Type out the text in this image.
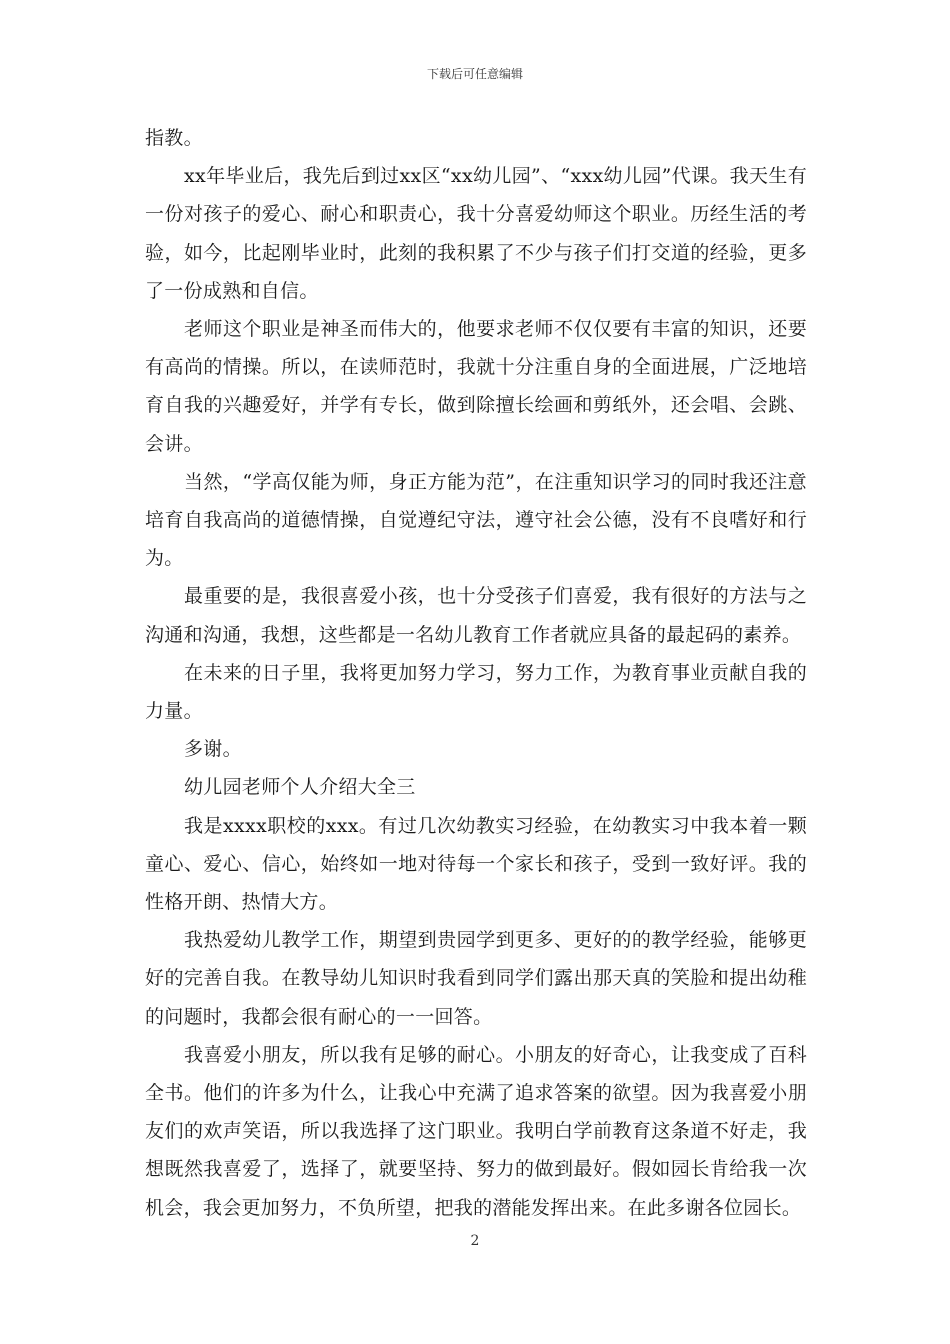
下载后可任意编辑

指教。

xx年毕业后，我先后到过xx区“xx幼儿园”、“xxx幼儿园”代课。我天生有一份对孩子的爱心、耐心和职责心，我十分喜爱幼师这个职业。历经生活的考验，如今，比起刚毕业时，此刻的我积累了不少与孩子们打交道的经验，更多了一份成熟和自信。

老师这个职业是神圣而伟大的，他要求老师不仅仅要有丰富的知识，还要有高尚的情操。所以，在读师范时，我就十分注重自身的全面进展，广泛地培育自我的兴趣爱好，并学有专长，做到除擅长绘画和剪纸外，还会唱、会跳、会讲。

当然，“学高仅能为师，身正方能为范”，在注重知识学习的同时我还注意培育自我高尚的道德情操，自觉遵纪守法，遵守社会公德，没有不良嗜好和行为。

最重要的是，我很喜爱小孩，也十分受孩子们喜爱，我有很好的方法与之沟通和沟通，我想，这些都是一名幼儿教育工作者就应具备的最起码的素养。

在未来的日子里，我将更加努力学习，努力工作，为教育事业贡献自我的力量。

多谢。

幼儿园老师个人介绍大全三

我是xxxx职校的xxx。有过几次幼教实习经验，在幼教实习中我本着一颗童心、爱心、信心，始终如一地对待每一个家长和孩子，受到一致好评。我的性格开朗、热情大方。

我热爱幼儿教学工作，期望到贵园学到更多、更好的的教学经验，能够更好的完善自我。在教导幼儿知识时我看到同学们露出那天真的笑脸和提出幼稚的问题时，我都会很有耐心的一一回答。

我喜爱小朋友，所以我有足够的耐心。小朋友的好奇心，让我变成了百科全书。他们的许多为什么，让我心中充满了追求答案的欲望。因为我喜爱小朋友们的欢声笑语，所以我选择了这门职业。我明白学前教育这条道不好走，我想既然我喜爱了，选择了，就要坚持、努力的做到最好。假如园长肯给我一次机会，我会更加努力，不负所望，把我的潜能发挥出来。在此多谢各位园长。

2
